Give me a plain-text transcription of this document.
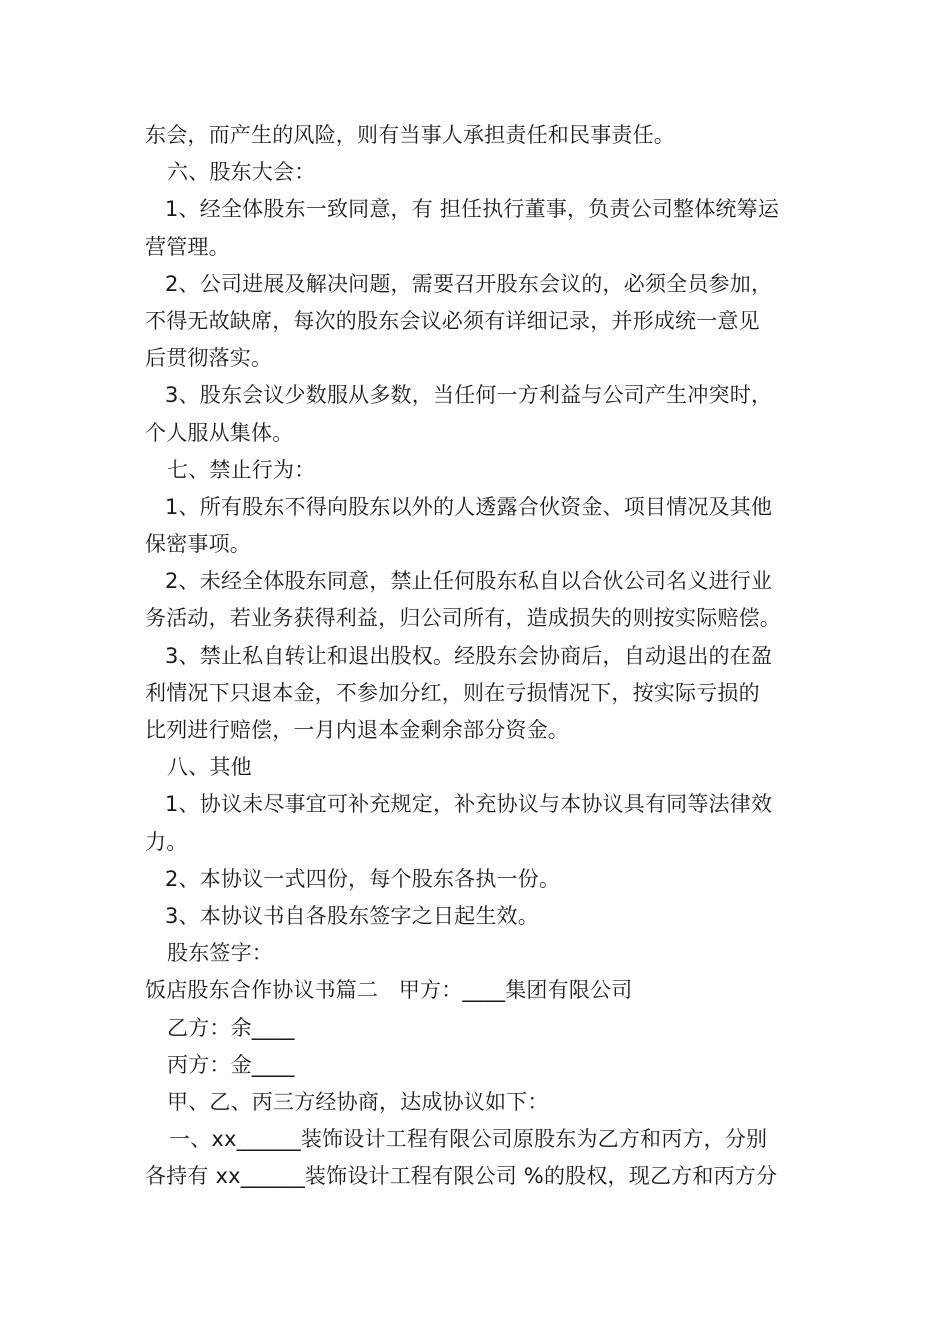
东会，而产生的风险，则有当事人承担责任和民事责任。
六、股东大会：
1、经全体股东一致同意，有 担任执行董事，负责公司整体统筹运
营管理。
2、公司进展及解决问题，需要召开股东会议的，必须全员参加，
不得无故缺席，每次的股东会议必须有详细记录，并形成统一意见
后贯彻落实。
3、股东会议少数服从多数，当任何一方利益与公司产生冲突时，
个人服从集体。
七、禁止行为：
1、所有股东不得向股东以外的人透露合伙资金、项目情况及其他
保密事项。
2、未经全体股东同意，禁止任何股东私自以合伙公司名义进行业
务活动，若业务获得利益，归公司所有，造成损失的则按实际赔偿。
3、禁止私自转让和退出股权。经股东会协商后，自动退出的在盈
利情况下只退本金，不参加分红，则在亏损情况下，按实际亏损的
比列进行赔偿，一月内退本金剩余部分资金。
八、其他
1、协议未尽事宜可补充规定，补充协议与本协议具有同等法律效
力。
2、本协议一式四份，每个股东各执一份。
3、本协议书自各股东签字之日起生效。
股东签字：
饭店股东合作协议书篇二   甲方：____集团有限公司
乙方：余____
丙方：金____
甲、乙、丙三方经协商，达成协议如下：
一、xx______装饰设计工程有限公司原股东为乙方和丙方，分别
各持有 xx______装饰设计工程有限公司 %的股权，现乙方和丙方分
